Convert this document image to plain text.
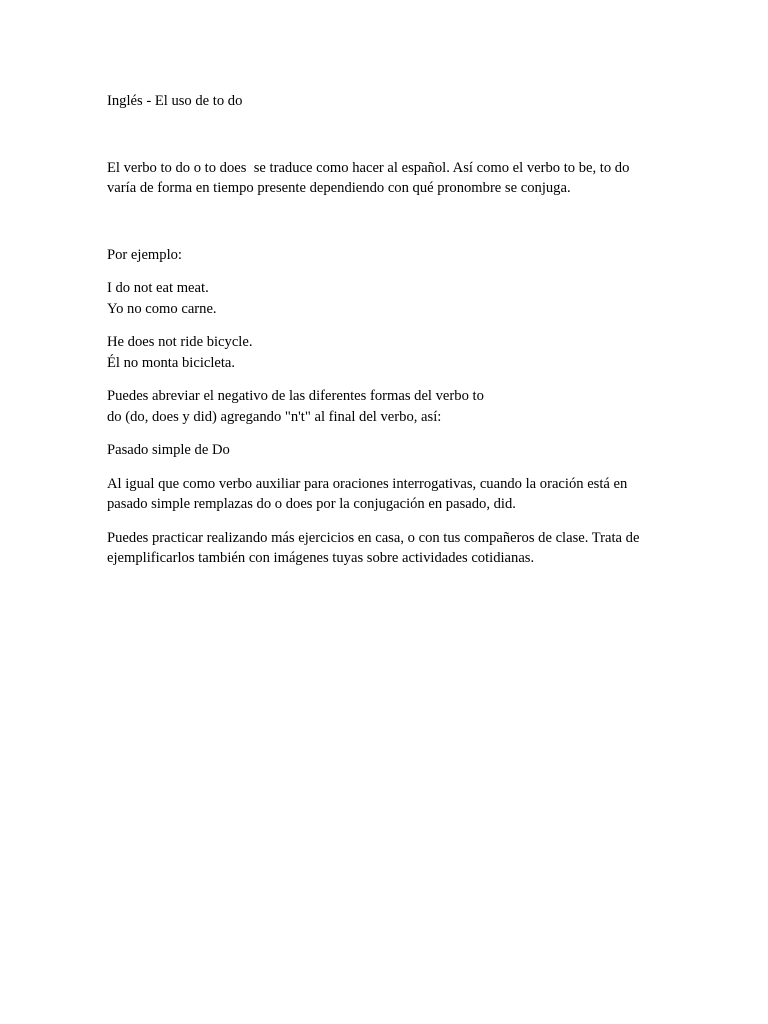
Inglés - El uso de to do

El verbo to do o to does  se traduce como hacer al español. Así como el verbo to be, to do
varía de forma en tiempo presente dependiendo con qué pronombre se conjuga.

Por ejemplo:

I do not eat meat.
Yo no como carne.

He does not ride bicycle.
Él no monta bicicleta.

Puedes abreviar el negativo de las diferentes formas del verbo to
do (do, does y did) agregando "n't" al final del verbo, así:

Pasado simple de Do

Al igual que como verbo auxiliar para oraciones interrogativas, cuando la oración está en
pasado simple remplazas do o does por la conjugación en pasado, did.

Puedes practicar realizando más ejercicios en casa, o con tus compañeros de clase. Trata de
ejemplificarlos también con imágenes tuyas sobre actividades cotidianas.
